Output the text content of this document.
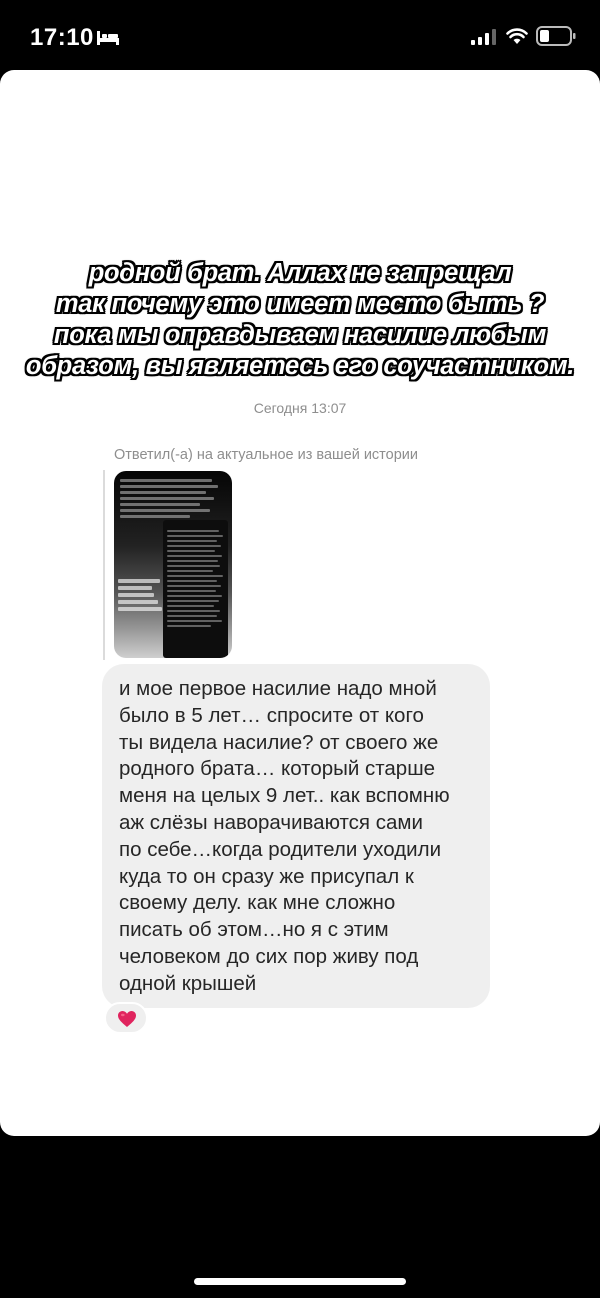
17:10
родной брат. Аллах не запрещал
так почему это имеет место быть ?
пока мы оправдываем насилие любым
образом, вы являетесь его соучастником.
Сегодня 13:07
Ответил(-а) на актуальное из вашей истории
и мое первое насилие надо мной
было в 5 лет… спросите от кого
ты видела насилие? от своего же
родного брата… который старше
меня на целых 9 лет.. как вспомню
аж слёзы наворачиваются сами
по себе…когда родители уходили
куда то он сразу же присупал к
своему делу. как мне сложно
писать об этом…но я с этим
человеком до сих пор живу под
одной крышей
